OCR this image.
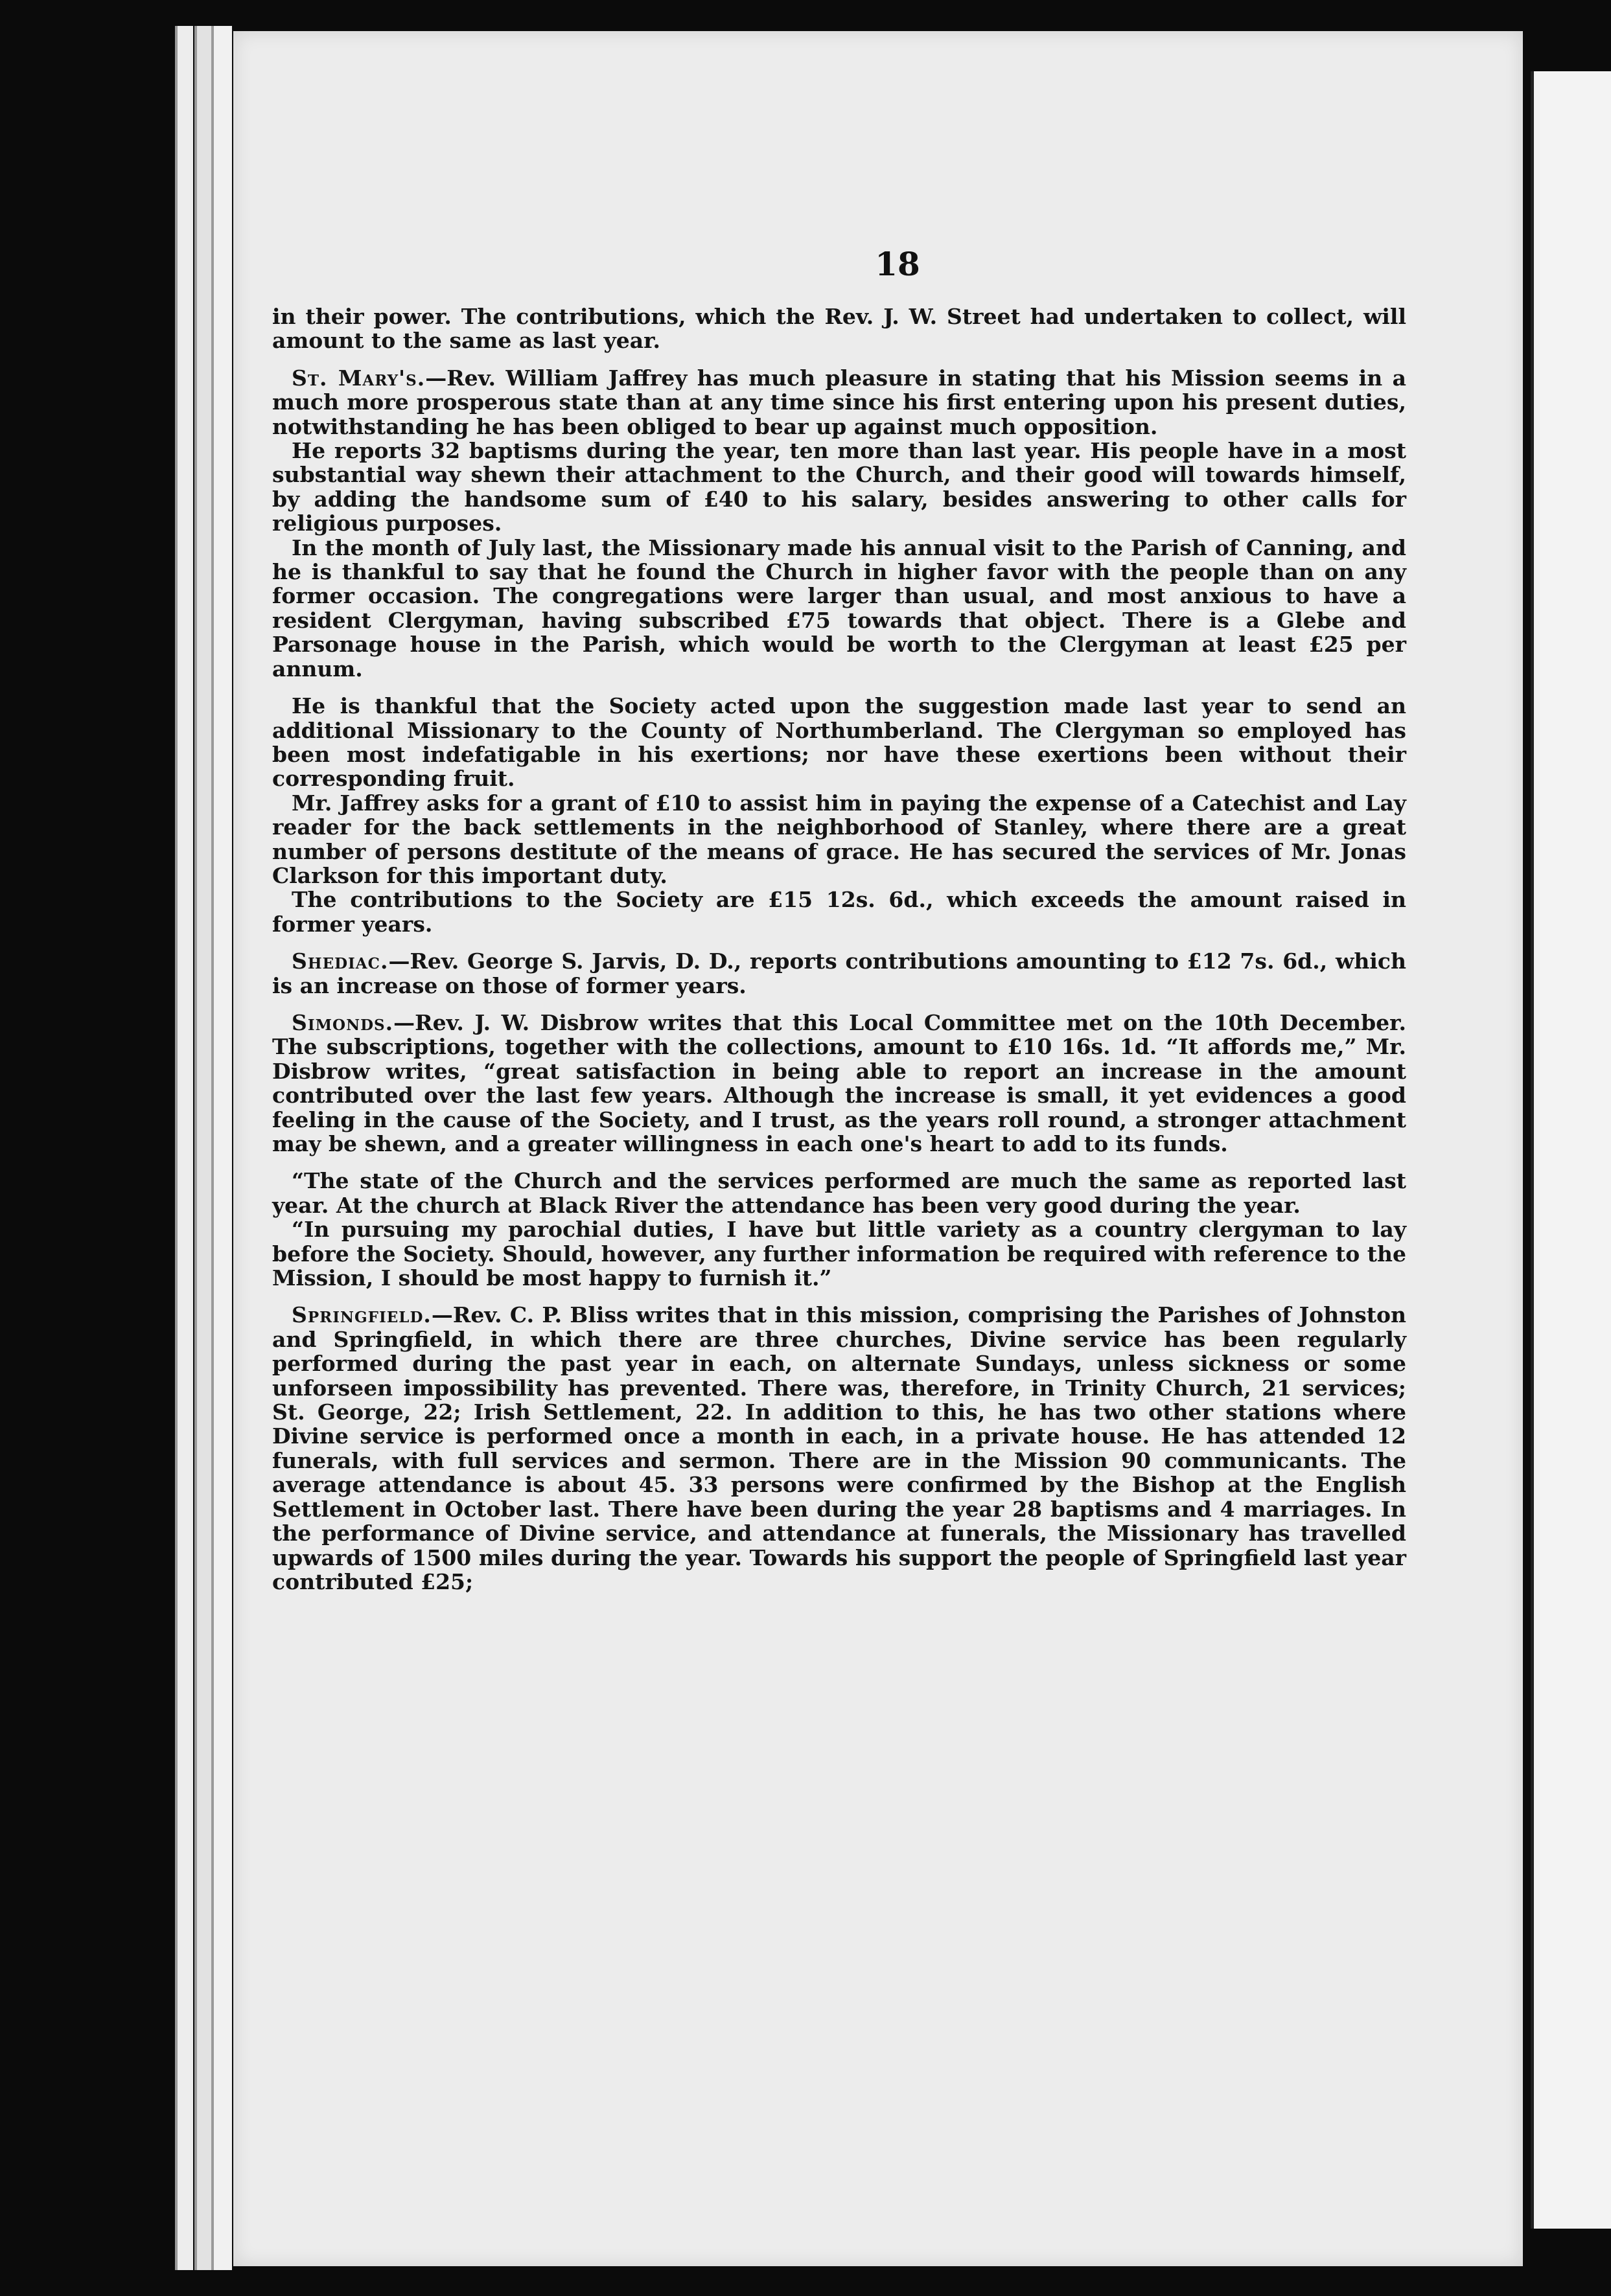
18

in their power. The contributions, which the Rev. J. W. Street had undertaken to collect, will amount to the same as last year.

St. Mary's.—Rev. William Jaffrey has much pleasure in stating that his Mission seems in a much more prosperous state than at any time since his first entering upon his present duties, notwithstanding he has been obliged to bear up against much opposition.

He reports 32 baptisms during the year, ten more than last year. His people have in a most substantial way shewn their attachment to the Church, and their good will towards himself, by adding the handsome sum of £40 to his salary, besides answering to other calls for religious purposes.

In the month of July last, the Missionary made his annual visit to the Parish of Canning, and he is thankful to say that he found the Church in higher favor with the people than on any former occasion. The congregations were larger than usual, and most anxious to have a resident Clergyman, having subscribed £75 towards that object. There is a Glebe and Parsonage house in the Parish, which would be worth to the Clergyman at least £25 per annum.

He is thankful that the Society acted upon the suggestion made last year to send an additional Missionary to the County of Northumberland. The Clergyman so employed has been most indefatigable in his exertions; nor have these exertions been without their corresponding fruit.

Mr. Jaffrey asks for a grant of £10 to assist him in paying the expense of a Catechist and Lay reader for the back settlements in the neighborhood of Stanley, where there are a great number of persons destitute of the means of grace. He has secured the services of Mr. Jonas Clarkson for this important duty.

The contributions to the Society are £15 12s. 6d., which exceeds the amount raised in former years.

Shediac.—Rev. George S. Jarvis, D. D., reports contributions amounting to £12 7s. 6d., which is an increase on those of former years.

Simonds.—Rev. J. W. Disbrow writes that this Local Committee met on the 10th December. The subscriptions, together with the collections, amount to £10 16s. 1d. “It affords me,” Mr. Disbrow writes, “great satisfaction in being able to report an increase in the amount contributed over the last few years. Although the increase is small, it yet evidences a good feeling in the cause of the Society, and I trust, as the years roll round, a stronger attachment may be shewn, and a greater willingness in each one's heart to add to its funds.

“The state of the Church and the services performed are much the same as reported last year. At the church at Black River the attendance has been very good during the year.

“In pursuing my parochial duties, I have but little variety as a country clergyman to lay before the Society. Should, however, any further information be required with reference to the Mission, I should be most happy to furnish it.”

Springfield.—Rev. C. P. Bliss writes that in this mission, comprising the Parishes of Johnston and Springfield, in which there are three churches, Divine service has been regularly performed during the past year in each, on alternate Sundays, unless sickness or some unforseen impossibility has prevented. There was, therefore, in Trinity Church, 21 services; St. George, 22; Irish Settlement, 22. In addition to this, he has two other stations where Divine service is performed once a month in each, in a private house. He has attended 12 funerals, with full services and sermon. There are in the Mission 90 communicants. The average attendance is about 45. 33 persons were confirmed by the Bishop at the English Settlement in October last. There have been during the year 28 baptisms and 4 marriages. In the performance of Divine service, and attendance at funerals, the Missionary has travelled upwards of 1500 miles during the year. Towards his support the people of Springfield last year contributed £25;
